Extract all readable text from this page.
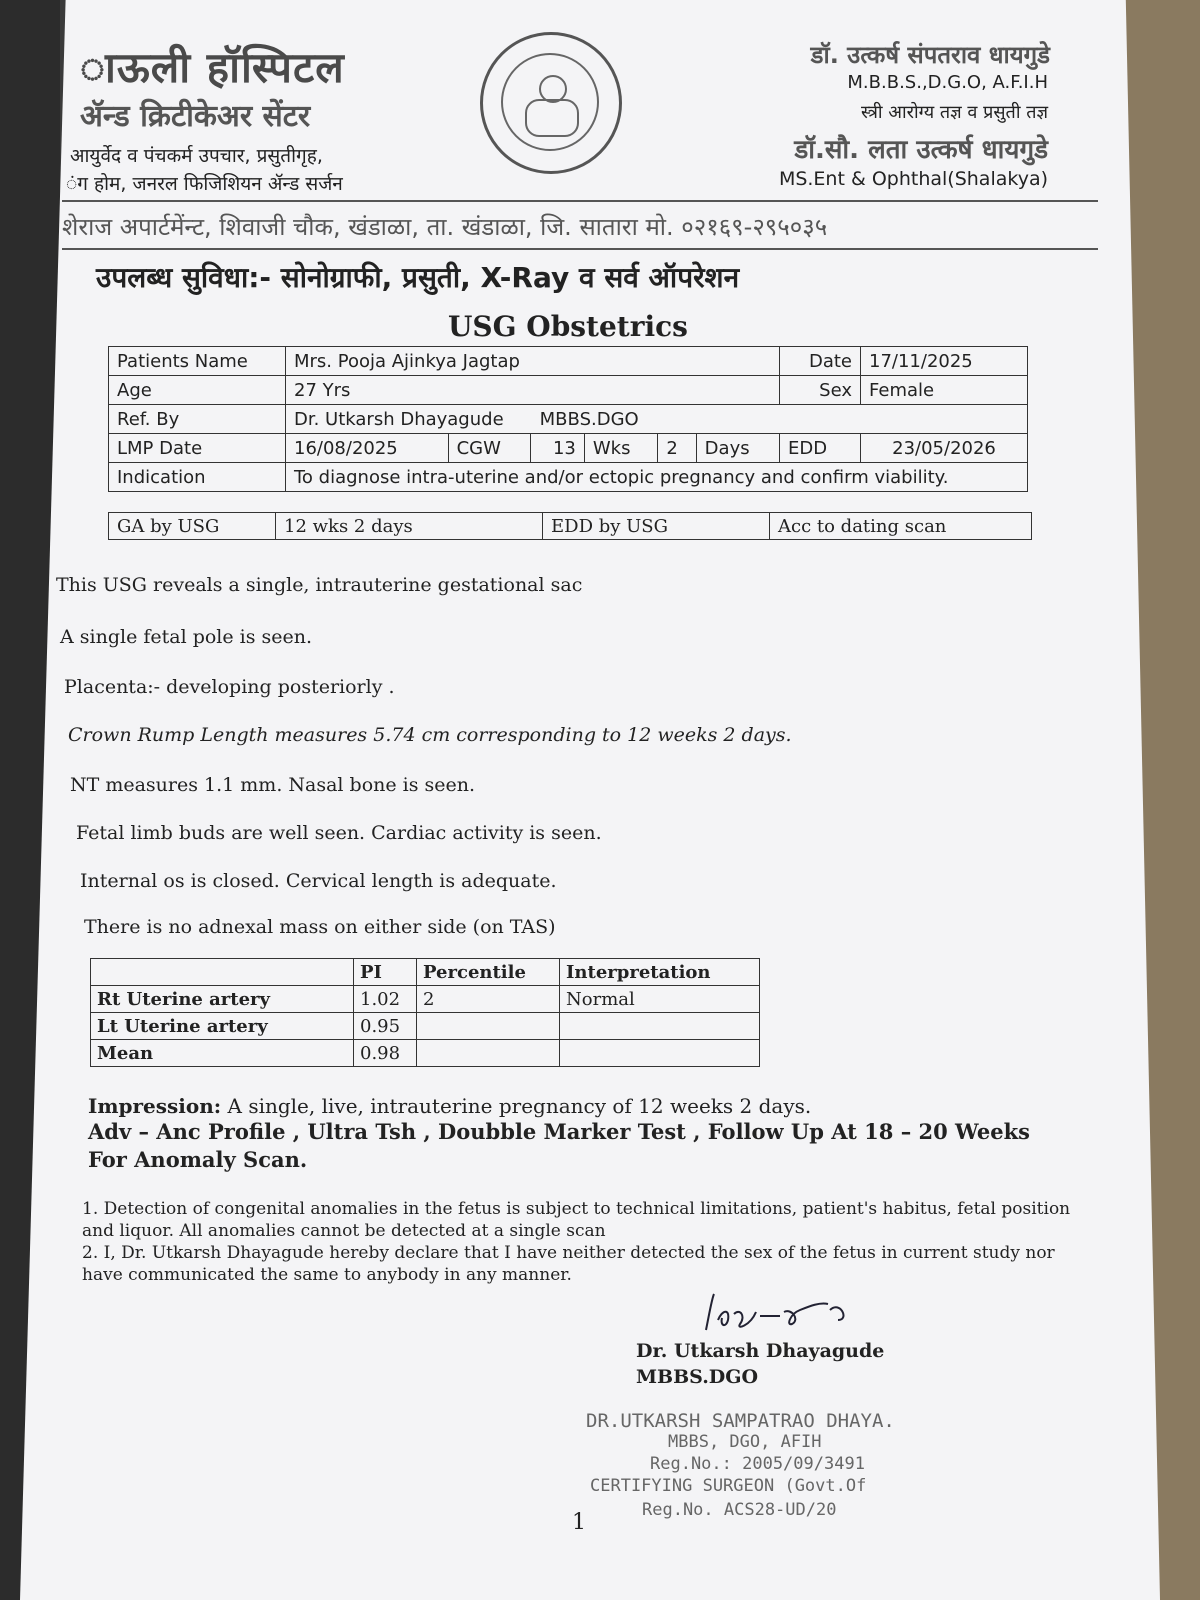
ाऊली हॉस्पिटल
ॲन्ड क्रिटीकेअर सेंटर
आयुर्वेद व पंचकर्म उपचार, प्रसुतीगृह,
ंग होम, जनरल फिजिशियन ॲन्ड सर्जन
डॉ. उत्कर्ष संपतराव धायगुडे
M.B.B.S.,D.G.O, A.F.I.H
स्त्री आरोग्य तज्ञ व प्रसुती तज्ञ
डॉ.सौ. लता उत्कर्ष धायगुडे
MS.Ent & Ophthal(Shalakya)
शेराज अपार्टमेंन्ट, शिवाजी चौक, खंडाळा, ता. खंडाळा, जि. सातारा मो. ०२१६९-२९५०३५
उपलब्ध सुविधा:- सोनोग्राफी, प्रसुती, X-Ray व सर्व ऑपरेशन
USG Obstetrics
Patients Name	Mrs. Pooja Ajinkya Jagtap						Date	17/11/2025
Age	27 Yrs						Sex	Female
Ref. By	Dr. Utkarsh Dhayagude MBBS.DGO							
LMP Date	16/08/2025	CGW	13	Wks	2	Days	EDD	23/05/2026
Indication	To diagnose intra-uterine and/or ectopic pregnancy and confirm viability.							
GA by USG	12 wks 2 days	EDD by USG	Acc to dating scan
This USG reveals a single, intrauterine gestational sac
A single fetal pole is seen.
Placenta:- developing posteriorly .
Crown Rump Length measures 5.74 cm corresponding to 12 weeks 2 days.
NT measures 1.1 mm. Nasal bone is seen.
Fetal limb buds are well seen. Cardiac activity is seen.
Internal os is closed. Cervical length is adequate.
There is no adnexal mass on either side (on TAS)
	PI	Percentile	Interpretation
Rt Uterine artery	1.02	2	Normal
Lt Uterine artery	0.95		
Mean	0.98		
Impression: A single, live, intrauterine pregnancy of 12 weeks 2 days.
Adv – Anc Profile , Ultra Tsh , Doubble Marker Test , Follow Up At 18 – 20 Weeks For Anomaly Scan.
1. Detection of congenital anomalies in the fetus is subject to technical limitations, patient's habitus, fetal position and liquor. All anomalies cannot be detected at a single scan
2. I, Dr. Utkarsh Dhayagude hereby declare that I have neither detected the sex of the fetus in current study nor have communicated the same to anybody in any manner.
Dr. Utkarsh Dhayagude
MBBS.DGO
DR.UTKARSH SAMPATRAO DHAYA.
MBBS, DGO, AFIH
Reg.No.: 2005/09/3491
CERTIFYING SURGEON (Govt.Of
Reg.No. ACS28-UD/20
1
